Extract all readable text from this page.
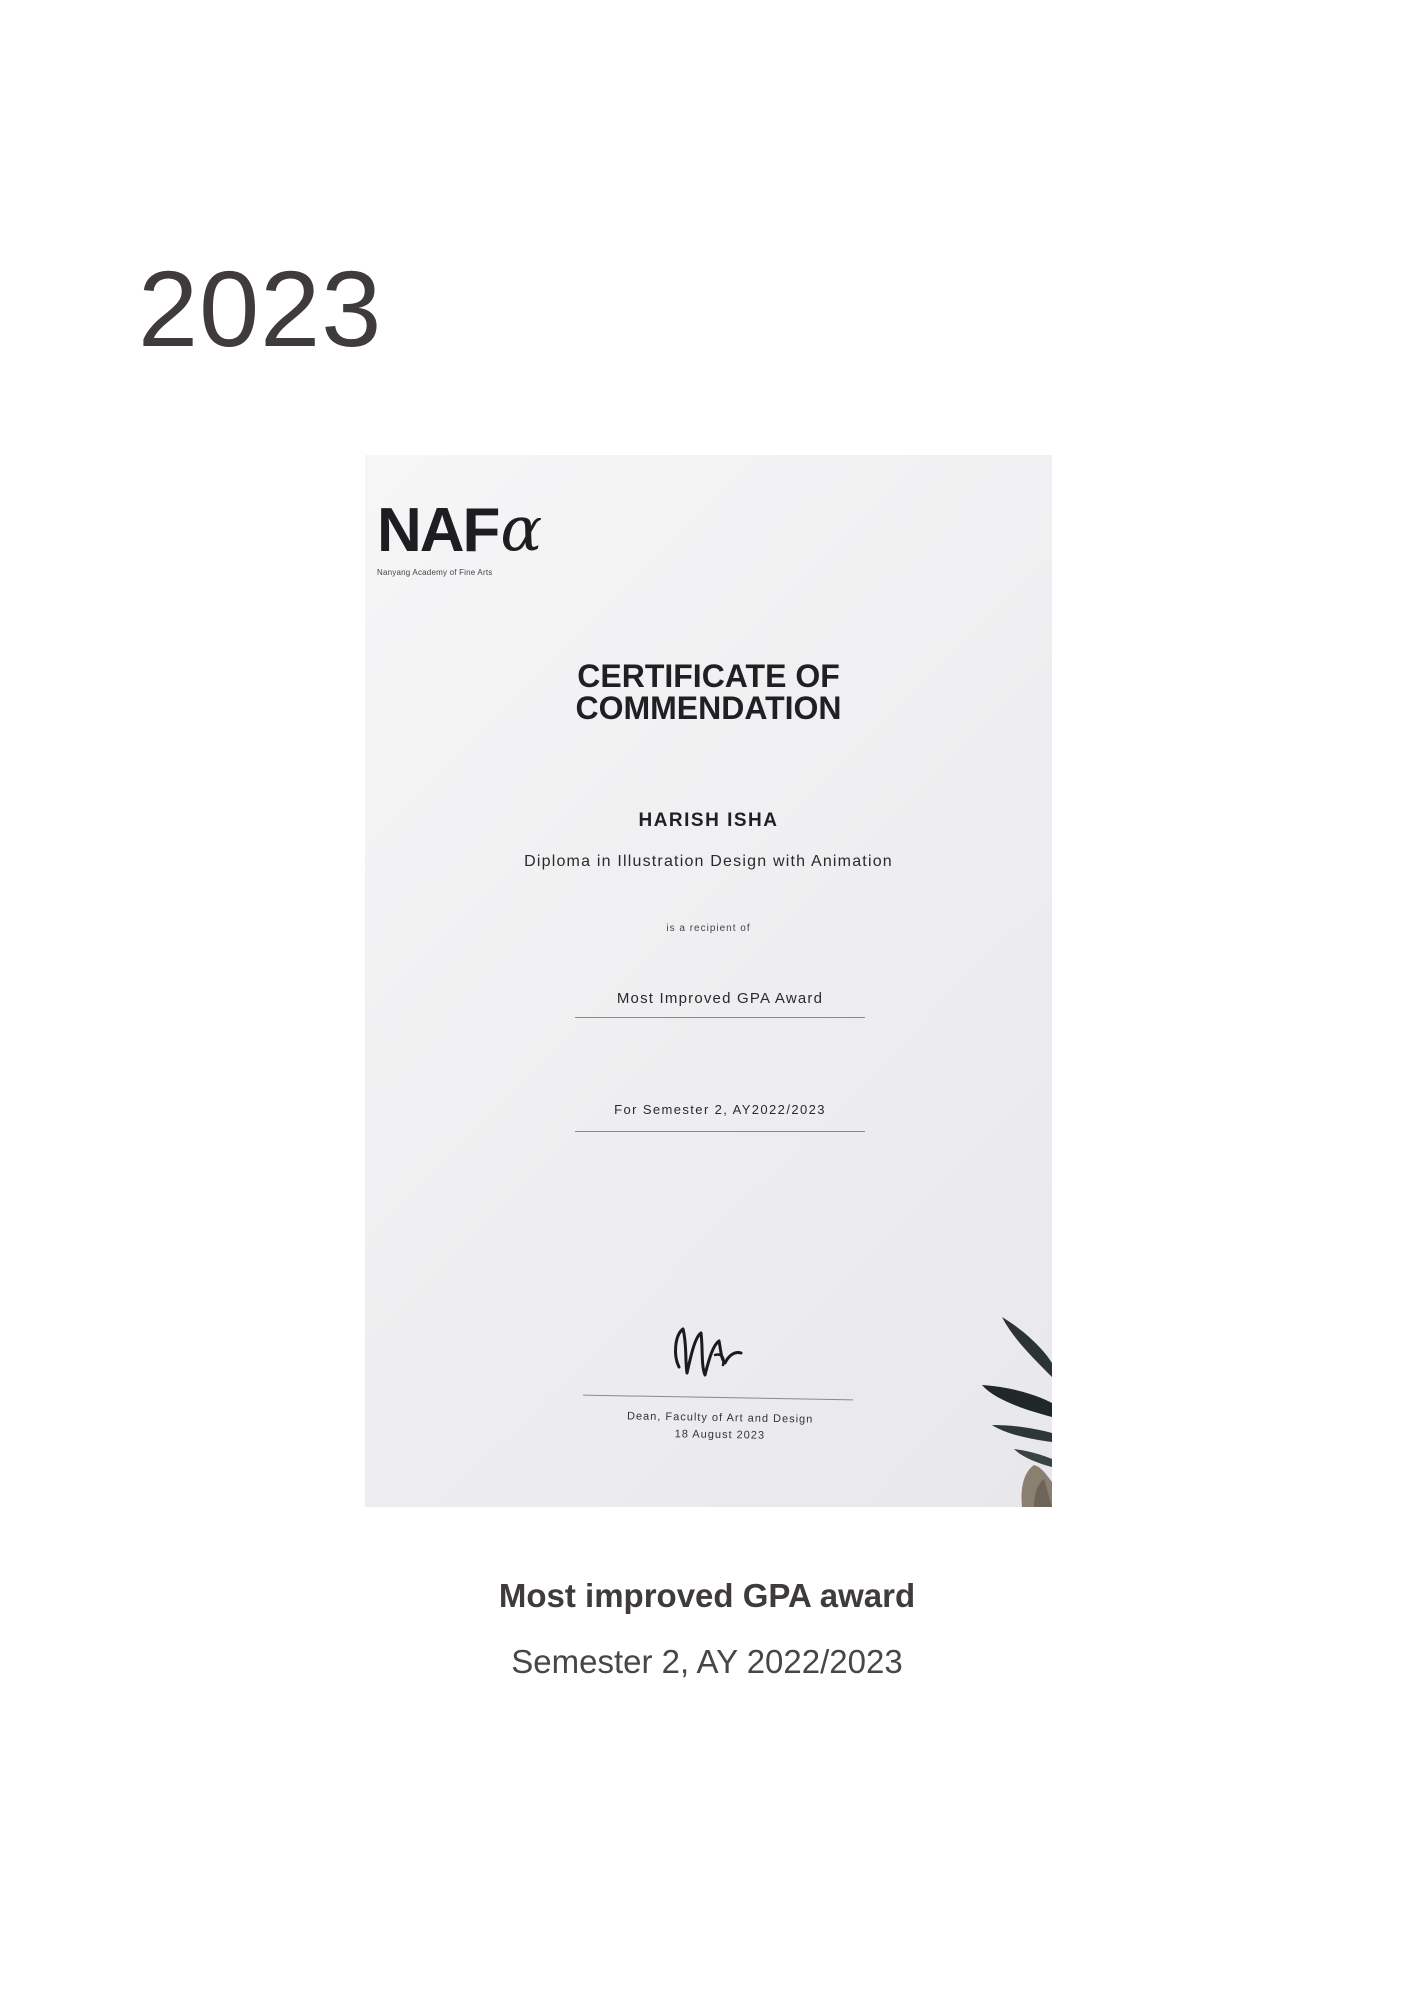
2023
NAF α
Nanyang Academy of Fine Arts
CERTIFICATE OF
COMMENDATION
HARISH ISHA
Diploma in Illustration Design with Animation
is a recipient of
Most Improved GPA Award
For Semester 2, AY2022/2023
Dean, Faculty of Art and Design
18 August 2023
Most improved GPA award
Semester 2, AY 2022/2023
